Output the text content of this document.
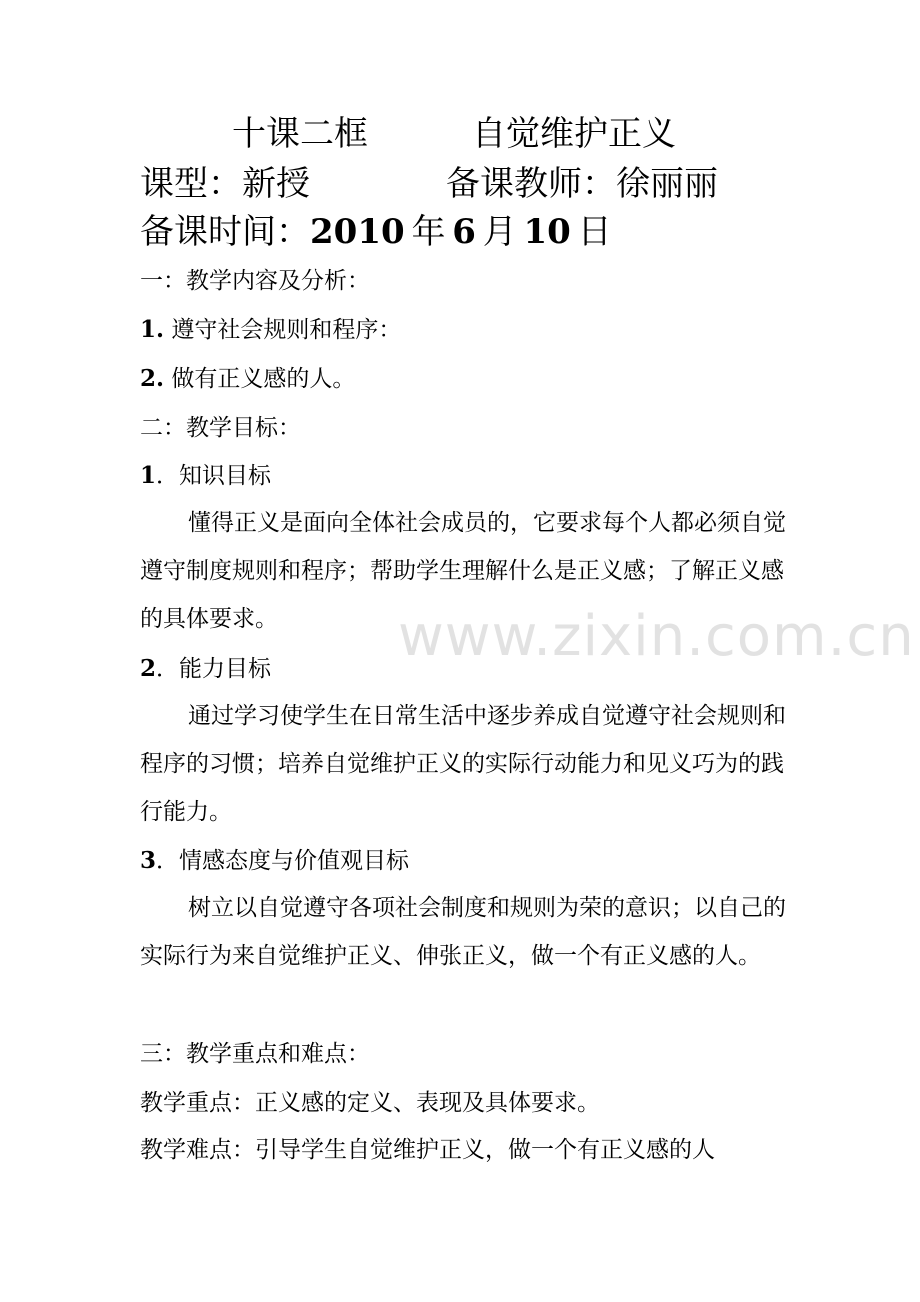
十课二框	自觉维护正义
课型：新授	备课教师：徐丽丽
备课时间：2010  年  6  月  10  日
一：教学内容及分析：
1. 遵守社会规则和程序：
2. 做有正义感的人。
二：教学目标：
1．知识目标
懂得正义是面向全体社会成员的，它要求每个人都必须自觉遵守制度规则和程序；帮助学生理解什么是正义感；了解正义感的具体要求。
2．能力目标
通过学习使学生在日常生活中逐步养成自觉遵守社会规则和程序的习惯；培养自觉维护正义的实际行动能力和见义巧为的践行能力。
3．情感态度与价值观目标
树立以自觉遵守各项社会制度和规则为荣的意识；以自己的实际行为来自觉维护正义、伸张正义，做一个有正义感的人。
三：教学重点和难点：
教学重点：正义感的定义、表现及具体要求。
教学难点：引导学生自觉维护正义，做一个有正义感的人
www.zixin.com.cn
